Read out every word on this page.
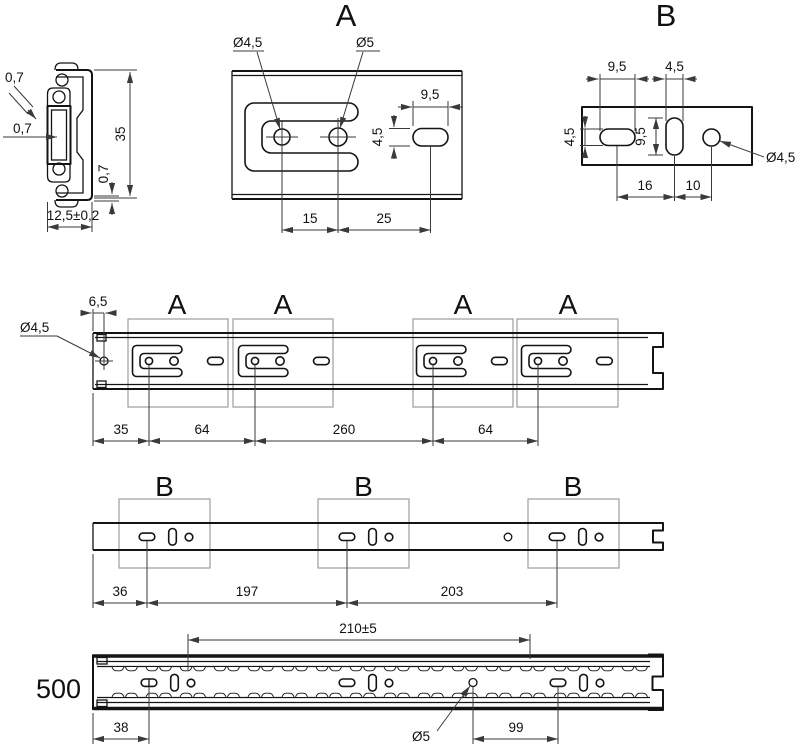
0,7
0,7	35
0,7
12,5±0,2
A
Ø4,5	Ø5
9,5
4,5
15	25
B
9,5	4,5
4,5	9,5
Ø4,5
16 10
A	A	A	A
6,5
Ø4,5
35	64	260	64
B	B	B
36	197	203
500
210±5
38
Ø5
99
